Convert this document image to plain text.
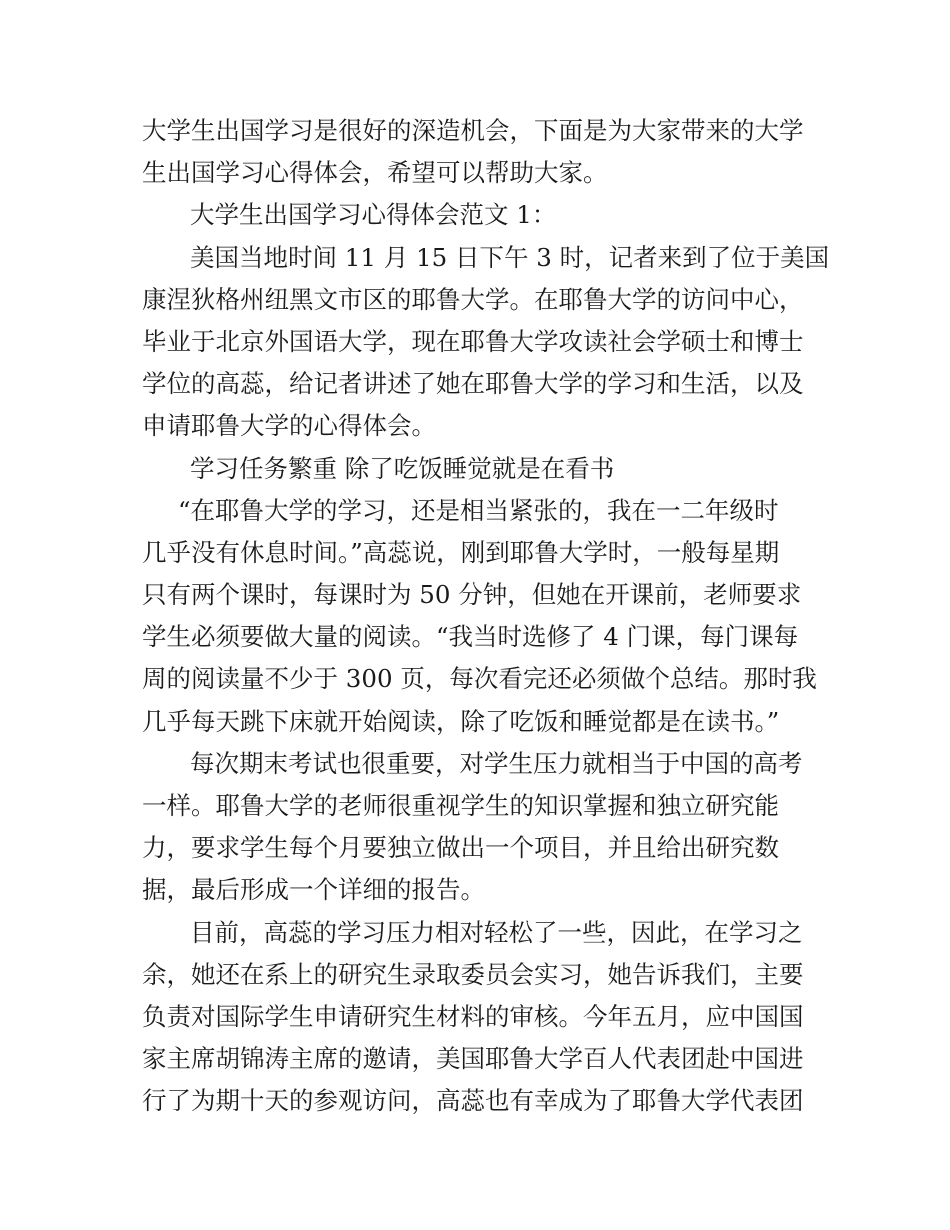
大学生出国学习是很好的深造机会，下面是为大家带来的大学
生出国学习心得体会，希望可以帮助大家。
大学生出国学习心得体会范文 1：
美国当地时间 11 月 15 日下午 3 时，记者来到了位于美国
康涅狄格州纽黑文市区的耶鲁大学。在耶鲁大学的访问中心，
毕业于北京外国语大学，现在耶鲁大学攻读社会学硕士和博士
学位的高蕊，给记者讲述了她在耶鲁大学的学习和生活，以及
申请耶鲁大学的心得体会。
学习任务繁重 除了吃饭睡觉就是在看书
“在耶鲁大学的学习，还是相当紧张的，我在一二年级时
几乎没有休息时间。”高蕊说，刚到耶鲁大学时，一般每星期
只有两个课时，每课时为 50 分钟，但她在开课前，老师要求
学生必须要做大量的阅读。“我当时选修了 4 门课，每门课每
周的阅读量不少于 300 页，每次看完还必须做个总结。那时我
几乎每天跳下床就开始阅读，除了吃饭和睡觉都是在读书。”
每次期末考试也很重要，对学生压力就相当于中国的高考
一样。耶鲁大学的老师很重视学生的知识掌握和独立研究能
力，要求学生每个月要独立做出一个项目，并且给出研究数
据，最后形成一个详细的报告。
目前，高蕊的学习压力相对轻松了一些，因此，在学习之
余，她还在系上的研究生录取委员会实习，她告诉我们，主要
负责对国际学生申请研究生材料的审核。今年五月，应中国国
家主席胡锦涛主席的邀请，美国耶鲁大学百人代表团赴中国进
行了为期十天的参观访问，高蕊也有幸成为了耶鲁大学代表团
